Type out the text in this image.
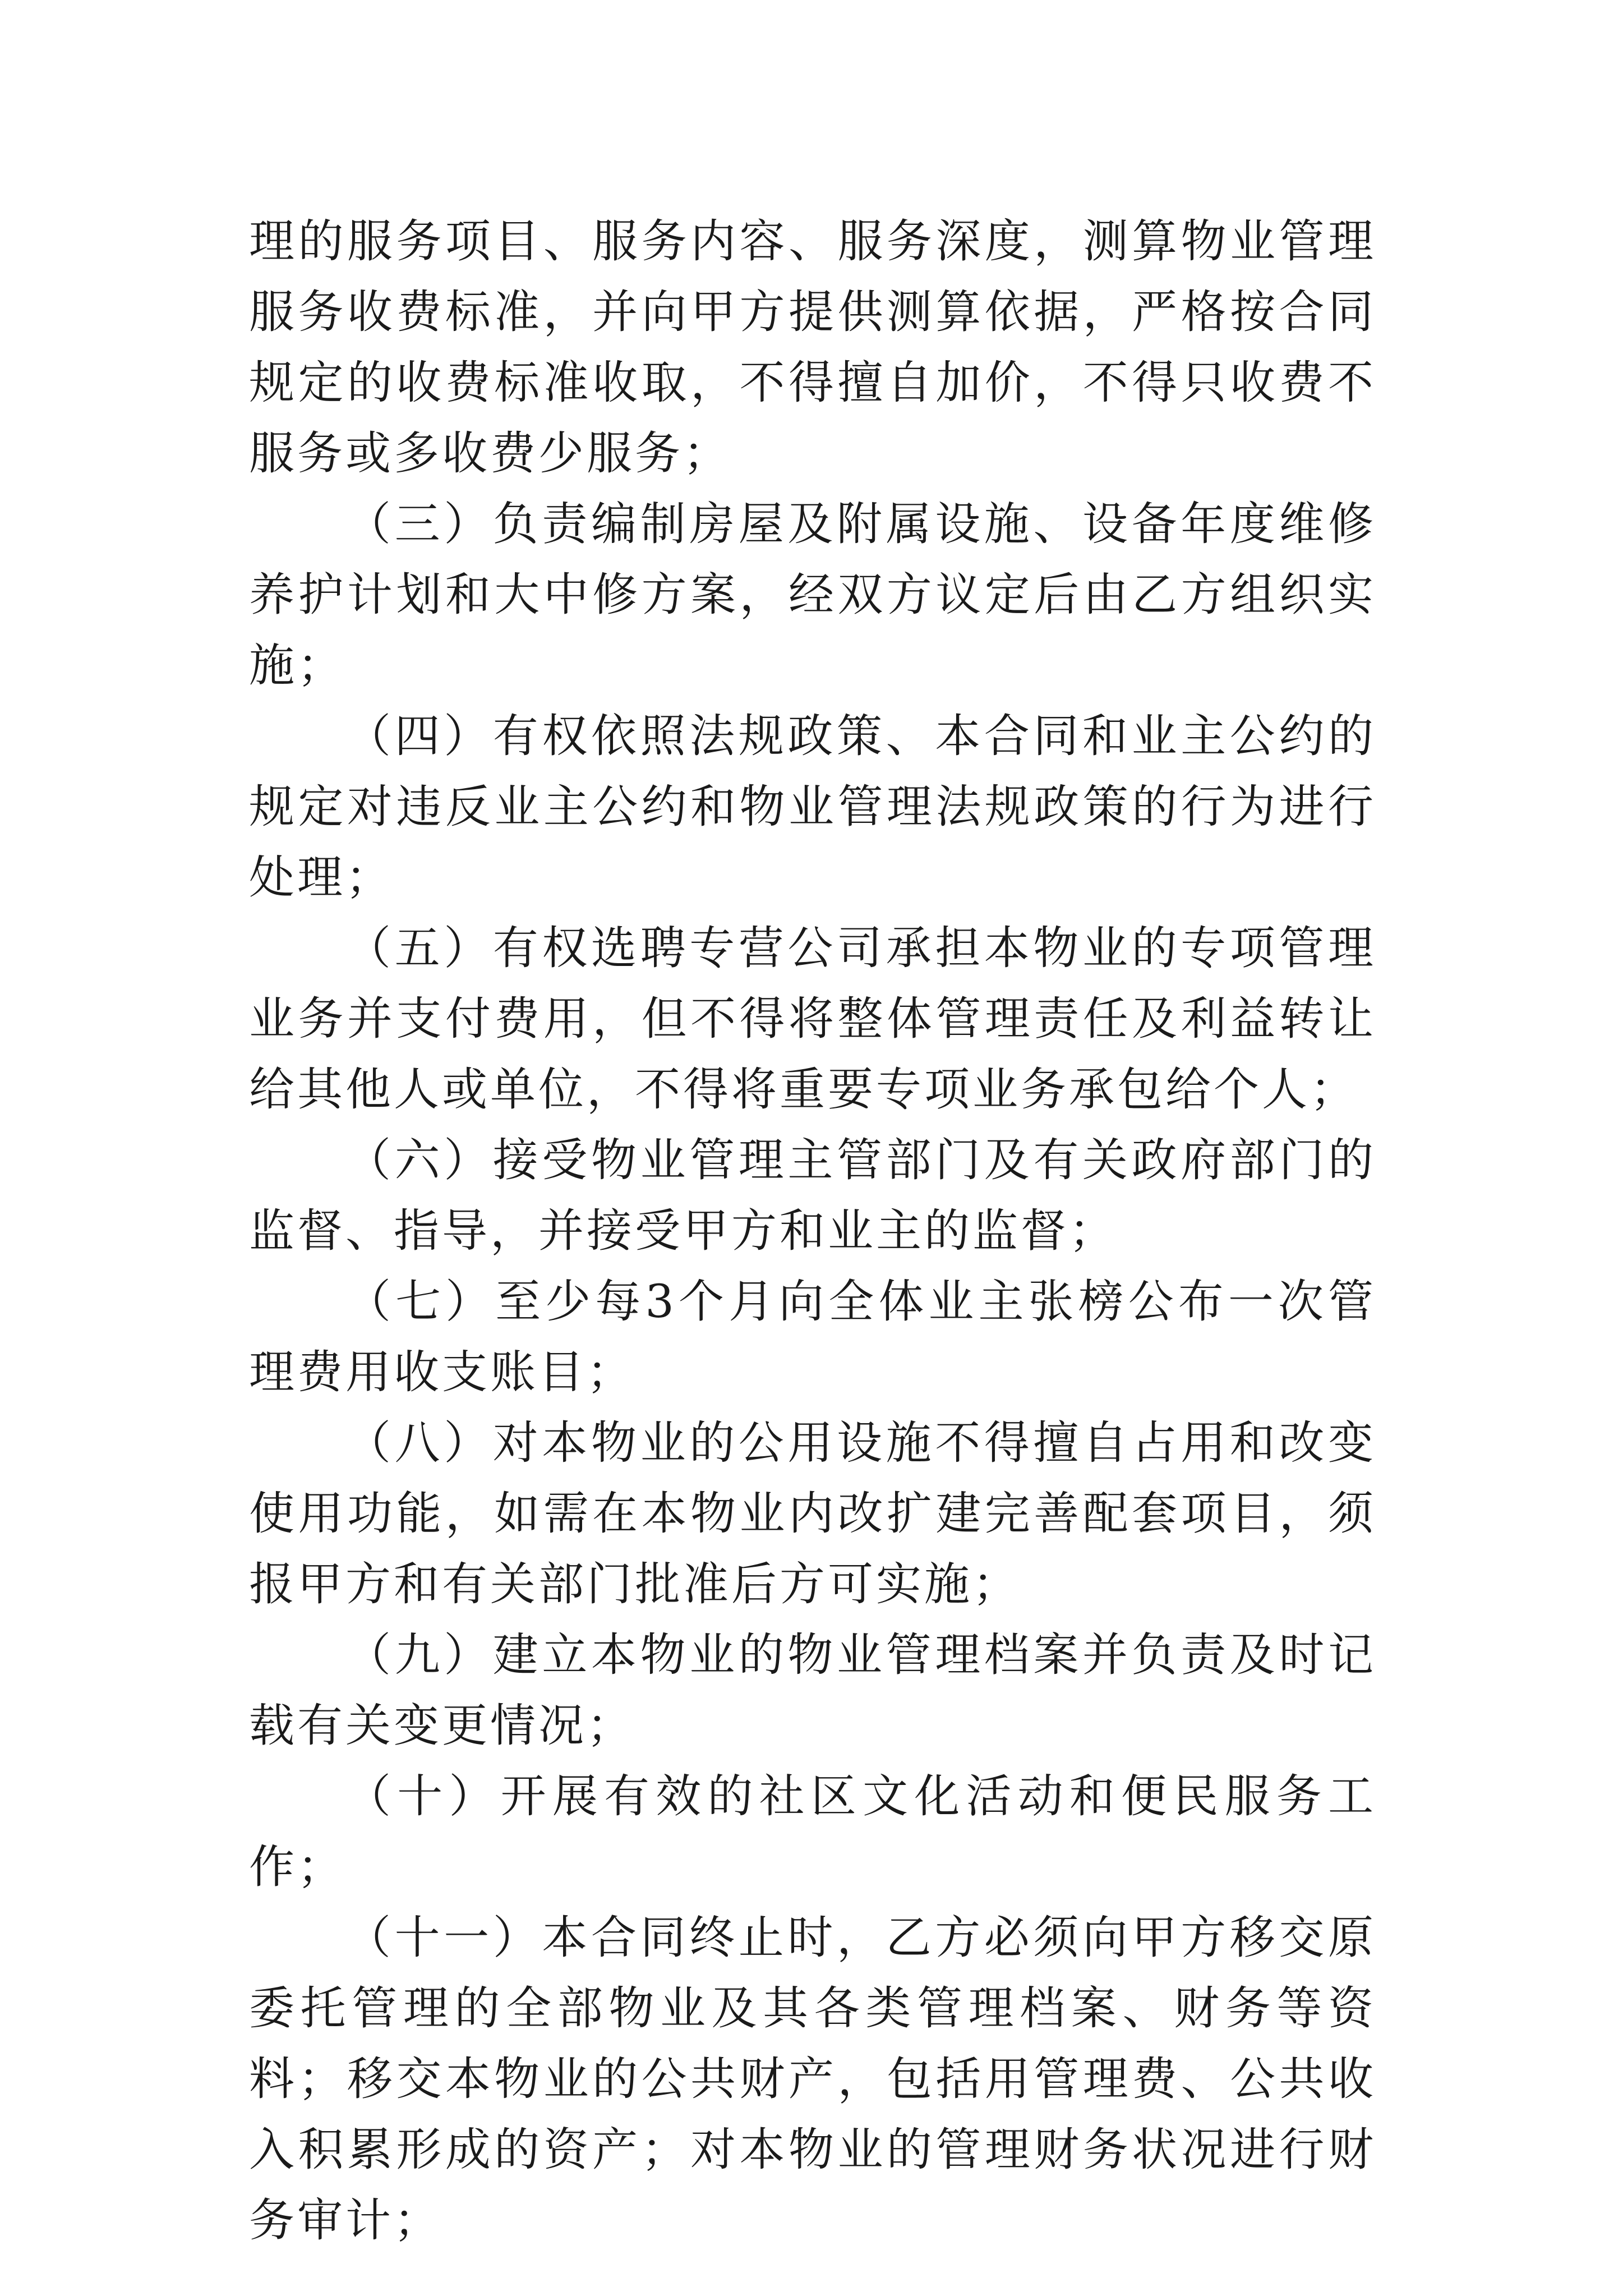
理的服务项目、服务内容、服务深度，测算物业管理服务收费标准，并向甲方提供测算依据，严格按合同规定的收费标准收取，不得擅自加价，不得只收费不服务或多收费少服务；

（三）负责编制房屋及附属设施、设备年度维修养护计划和大中修方案，经双方议定后由乙方组织实施；

（四）有权依照法规政策、本合同和业主公约的规定对违反业主公约和物业管理法规政策的行为进行处理；

（五）有权选聘专营公司承担本物业的专项管理业务并支付费用，但不得将整体管理责任及利益转让给其他人或单位，不得将重要专项业务承包给个人；

（六）接受物业管理主管部门及有关政府部门的监督、指导，并接受甲方和业主的监督；

（七）至少每3个月向全体业主张榜公布一次管理费用收支账目；

（八）对本物业的公用设施不得擅自占用和改变使用功能，如需在本物业内改扩建完善配套项目，须报甲方和有关部门批准后方可实施；

（九）建立本物业的物业管理档案并负责及时记载有关变更情况；

（十）开展有效的社区文化活动和便民服务工作；

（十一）本合同终止时，乙方必须向甲方移交原委托管理的全部物业及其各类管理档案、财务等资料；移交本物业的公共财产，包括用管理费、公共收入积累形成的资产；对本物业的管理财务状况进行财务审计；
